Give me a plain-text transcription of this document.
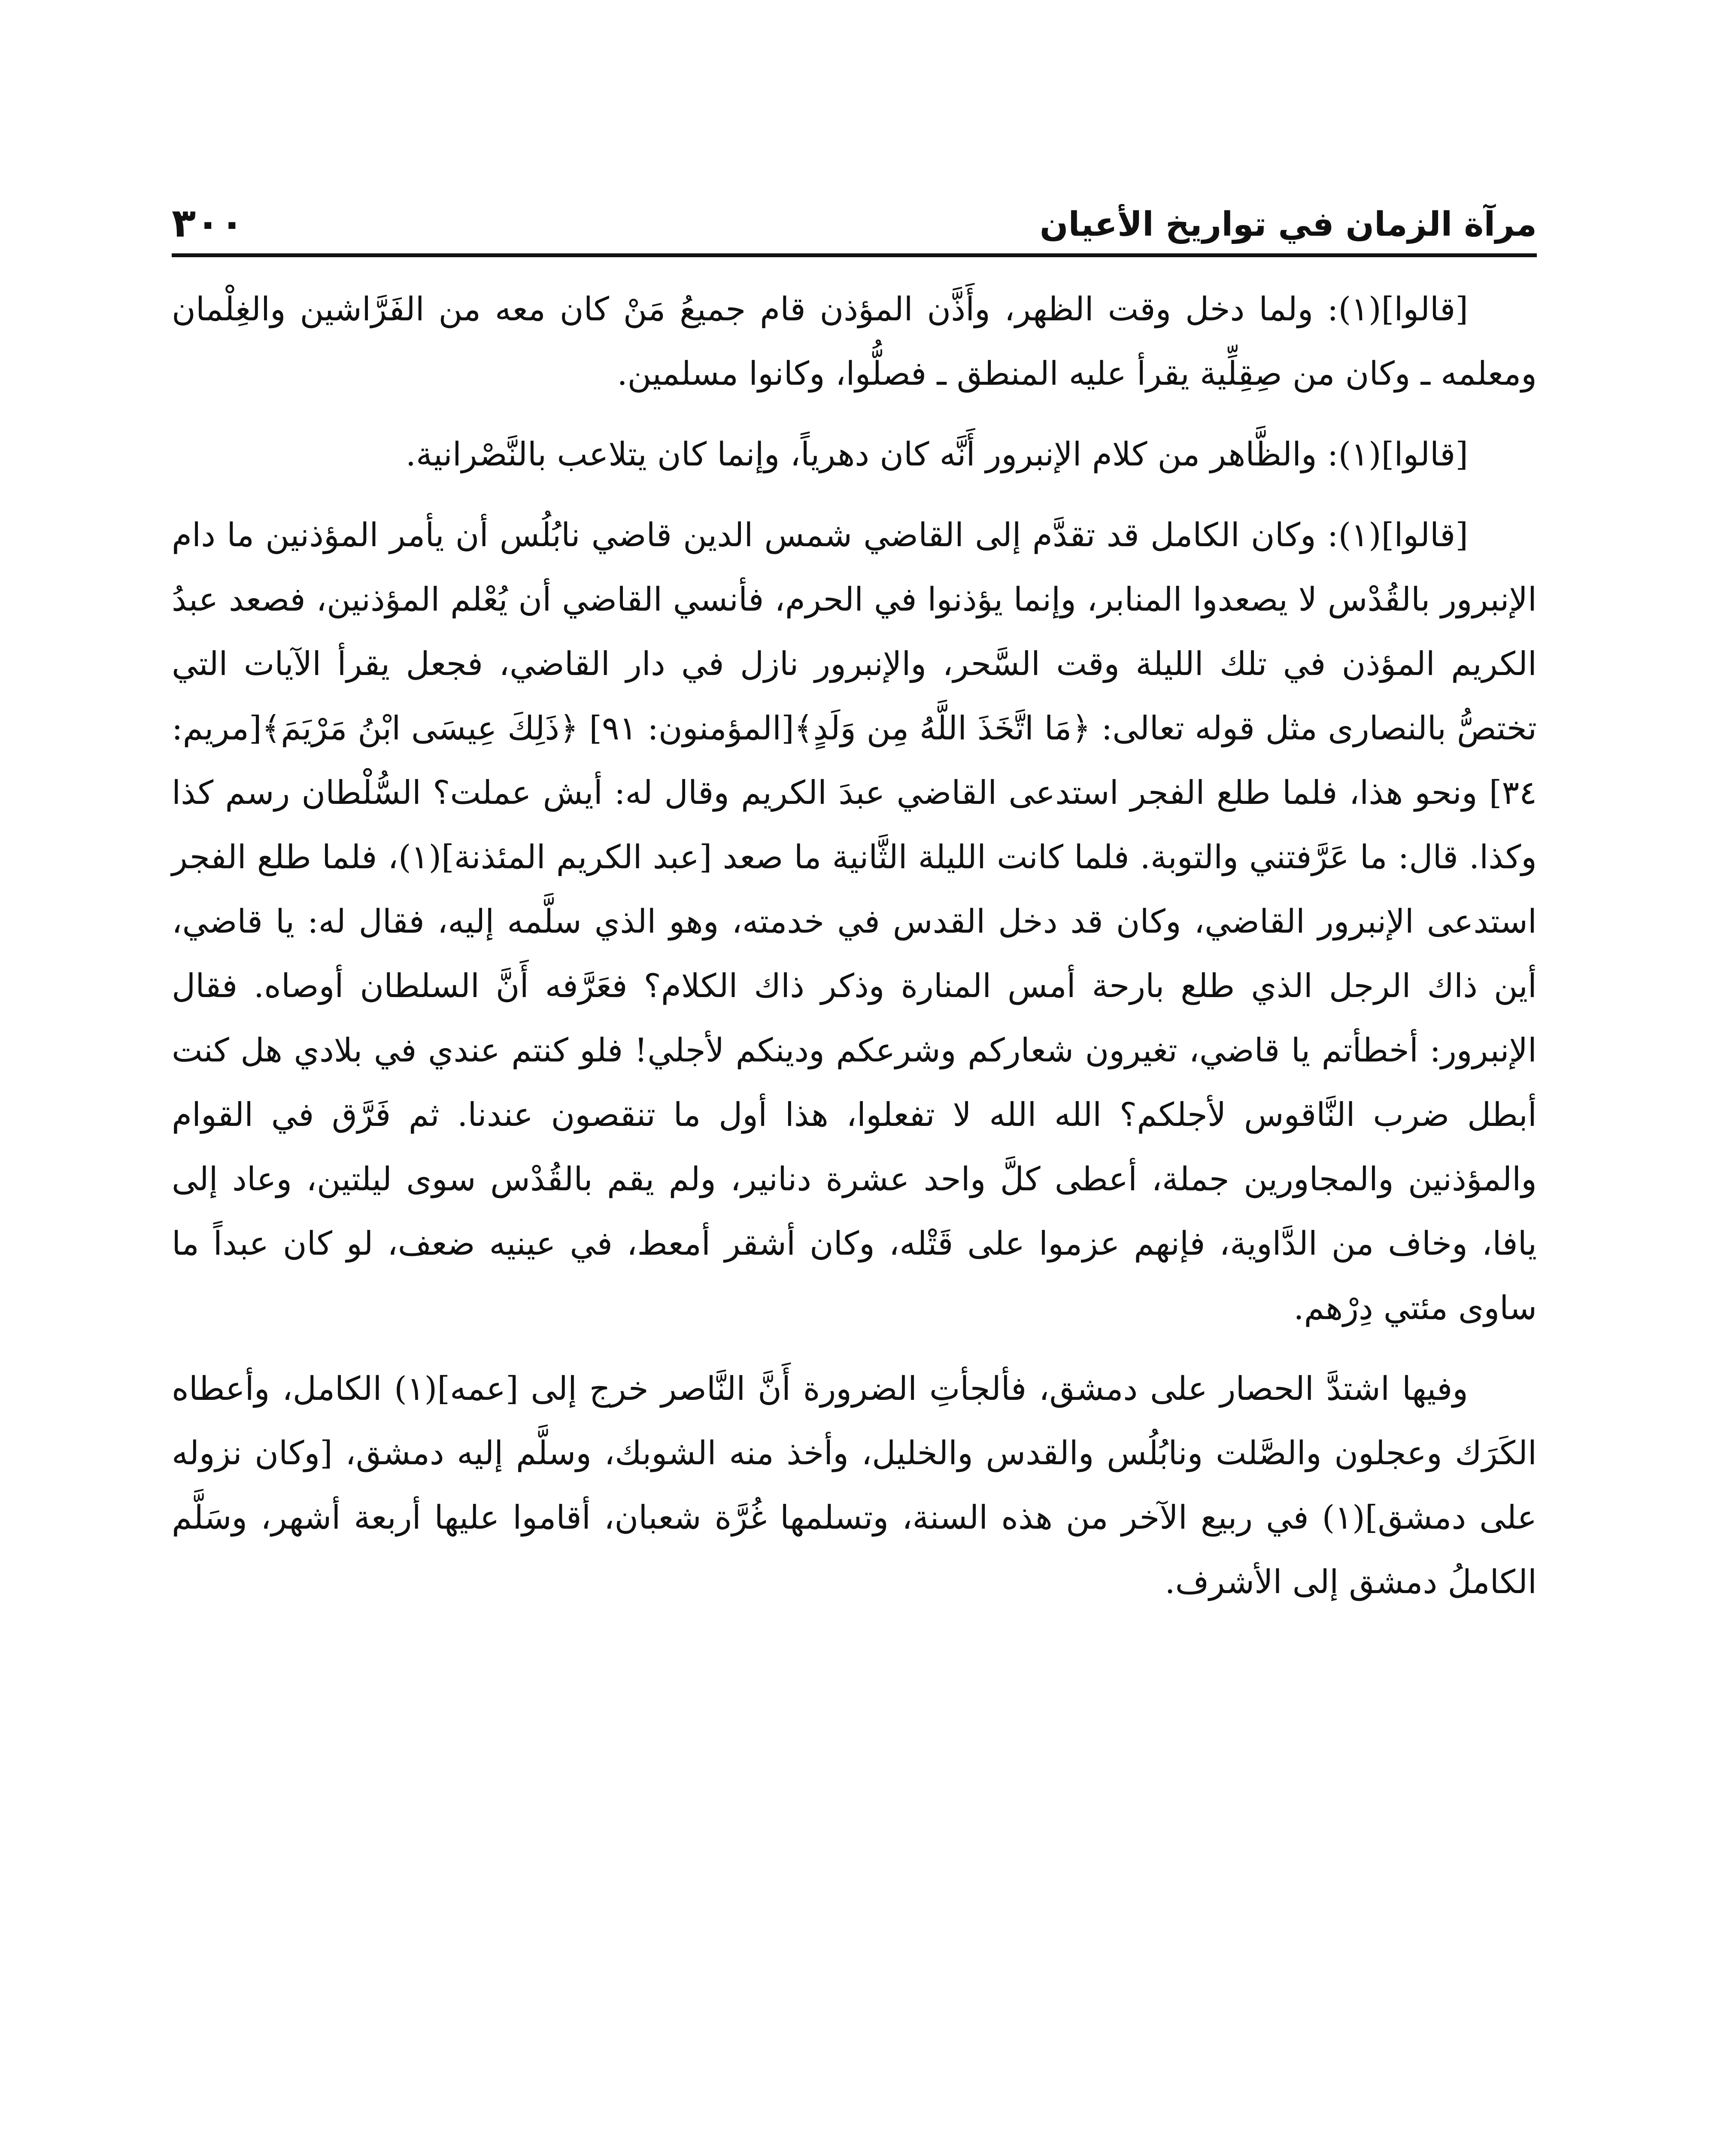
٣٠٠	مرآة الزمان في تواريخ الأعيان

[قالوا](١): ولما دخل وقت الظهر، وأَذَّن المؤذن قام جميعُ مَنْ كان معه من الفَرَّاشين والغِلْمان ومعلمه ـ وكان من صِقِلِّية يقرأ عليه المنطق ـ فصلُّوا، وكانوا مسلمين.

[قالوا](١): والظَّاهر من كلام الإنبرور أَنَّه كان دهرياً، وإنما كان يتلاعب بالنَّصْرانية.

[قالوا](١): وكان الكامل قد تقدَّم إلى القاضي شمس الدين قاضي نابُلُس أن يأمر المؤذنين ما دام الإنبرور بالقُدْس لا يصعدوا المنابر، وإنما يؤذنوا في الحرم، فأنسي القاضي أن يُعْلم المؤذنين، فصعد عبدُ الكريم المؤذن في تلك الليلة وقت السَّحر، والإنبرور نازل في دار القاضي، فجعل يقرأ الآيات التي تختصُّ بالنصارى مثل قوله تعالى: ﴿مَا اتَّخَذَ اللَّهُ مِن وَلَدٍ﴾[المؤمنون: ٩١] ﴿ذَلِكَ عِيسَى ابْنُ مَرْيَمَ﴾[مريم: ٣٤] ونحو هذا، فلما طلع الفجر استدعى القاضي عبدَ الكريم وقال له: أيش عملت؟ السُّلْطان رسم كذا وكذا. قال: ما عَرَّفتني والتوبة. فلما كانت الليلة الثَّانية ما صعد [عبد الكريم المئذنة](١)، فلما طلع الفجر استدعى الإنبرور القاضي، وكان قد دخل القدس في خدمته، وهو الذي سلَّمه إليه، فقال له: يا قاضي، أين ذاك الرجل الذي طلع بارحة أمس المنارة وذكر ذاك الكلام؟ فعَرَّفه أَنَّ السلطان أوصاه. فقال الإنبرور: أخطأتم يا قاضي، تغيرون شعاركم وشرعكم ودينكم لأجلي! فلو كنتم عندي في بلادي هل كنت أبطل ضرب النَّاقوس لأجلكم؟ الله الله لا تفعلوا، هذا أول ما تنقصون عندنا. ثم فَرَّق في القوام والمؤذنين والمجاورين جملة، أعطى كلَّ واحد عشرة دنانير، ولم يقم بالقُدْس سوى ليلتين، وعاد إلى يافا، وخاف من الدَّاوية، فإنهم عزموا على قَتْله، وكان أشقر أمعط، في عينيه ضعف، لو كان عبداً ما ساوى مئتي دِرْهم.

وفيها اشتدَّ الحصار على دمشق، فألجأتِ الضرورة أَنَّ النَّاصر خرج إلى [عمه](١) الكامل، وأعطاه الكَرَك وعجلون والصَّلت ونابُلُس والقدس والخليل، وأخذ منه الشوبك، وسلَّم إليه دمشق، [وكان نزوله على دمشق](١) في ربيع الآخر من هذه السنة، وتسلمها غُرَّة شعبان، أقاموا عليها أربعة أشهر، وسَلَّم الكاملُ دمشق إلى الأشرف.
